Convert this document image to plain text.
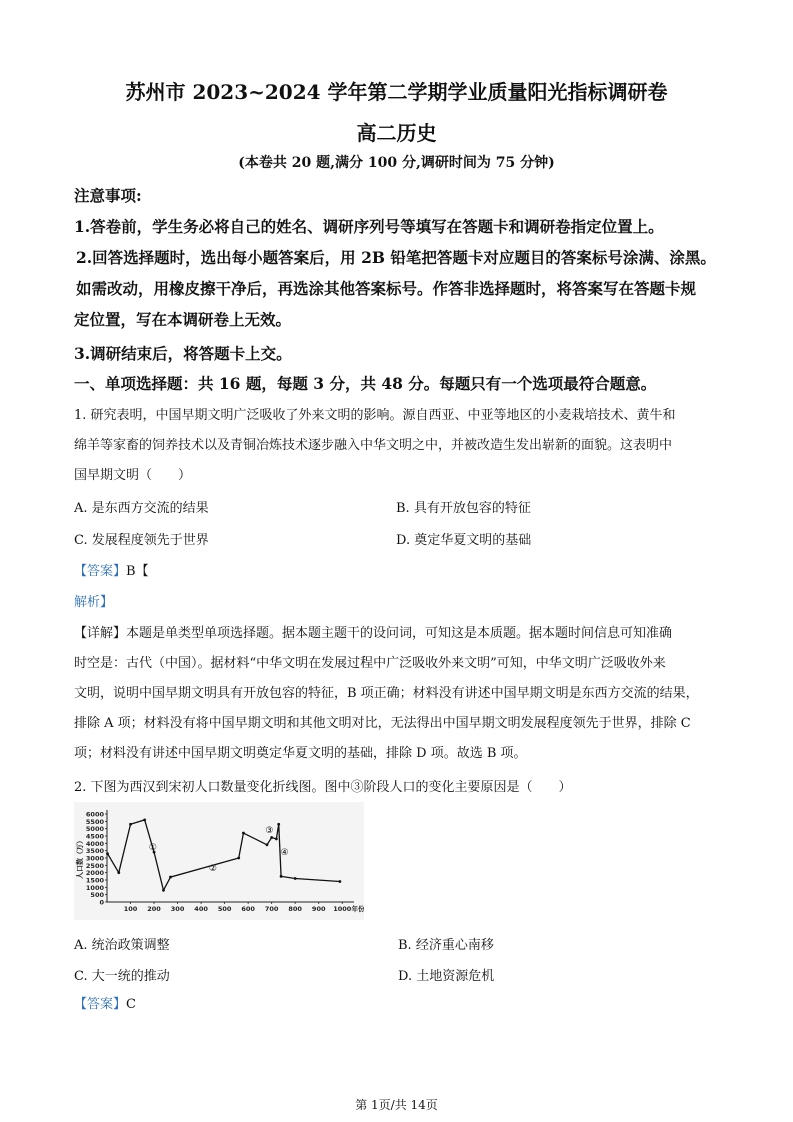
苏州市 2023~2024 学年第二学期学业质量阳光指标调研卷
高二历史
(本卷共 20 题,满分 100 分,调研时间为 75 分钟)
注意事项:
1.答卷前，学生务必将自己的姓名、调研序列号等填写在答题卡和调研卷指定位置上。
2.回答选择题时，选出每小题答案后，用 2B 铅笔把答题卡对应题目的答案标号涂满、涂黑。
如需改动，用橡皮擦干净后，再选涂其他答案标号。作答非选择题时，将答案写在答题卡规
定位置，写在本调研卷上无效。
3.调研结束后，将答题卡上交。
一、单项选择题：共 16 题，每题 3 分，共 48 分。每题只有一个选项最符合题意。
1. 研究表明，中国早期文明广泛吸收了外来文明的影响。源自西亚、中亚等地区的小麦栽培技术、黄牛和
绵羊等家畜的饲养技术以及青铜冶炼技术逐步融入中华文明之中，并被改造生发出崭新的面貌。这表明中
国早期文明（　　）
A. 是东西方交流的结果	B. 具有开放包容的特征
C. 发展程度领先于世界	D. 奠定华夏文明的基础
【答案】B【
解析】
【详解】本题是单类型单项选择题。据本题主题干的设问词，可知这是本质题。据本题时间信息可知准确
时空是：古代（中国）。据材料“中华文明在发展过程中广泛吸收外来文明”可知，中华文明广泛吸收外来
文明，说明中国早期文明具有开放包容的特征，B 项正确；材料没有讲述中国早期文明是东西方交流的结果，
排除 A 项；材料没有将中国早期文明和其他文明对比，无法得出中国早期文明发展程度领先于世界，排除 C
项；材料没有讲述中国早期文明奠定华夏文明的基础，排除 D 项。故选 B 项。
2. 下图为西汉到宋初人口数量变化折线图。图中③阶段人口的变化主要原因是（　　）
0
500
1000
1500
2000
2500
3000
3500
4000
4500
5000
5500
6000
100 200 300 400 500 600 700 800 900 1000 年份
人口数（万）	①
②
③
④
A. 统治政策调整	B. 经济重心南移
C. 大一统的推动	D. 土地资源危机
【答案】C
第 1页/共 14页
